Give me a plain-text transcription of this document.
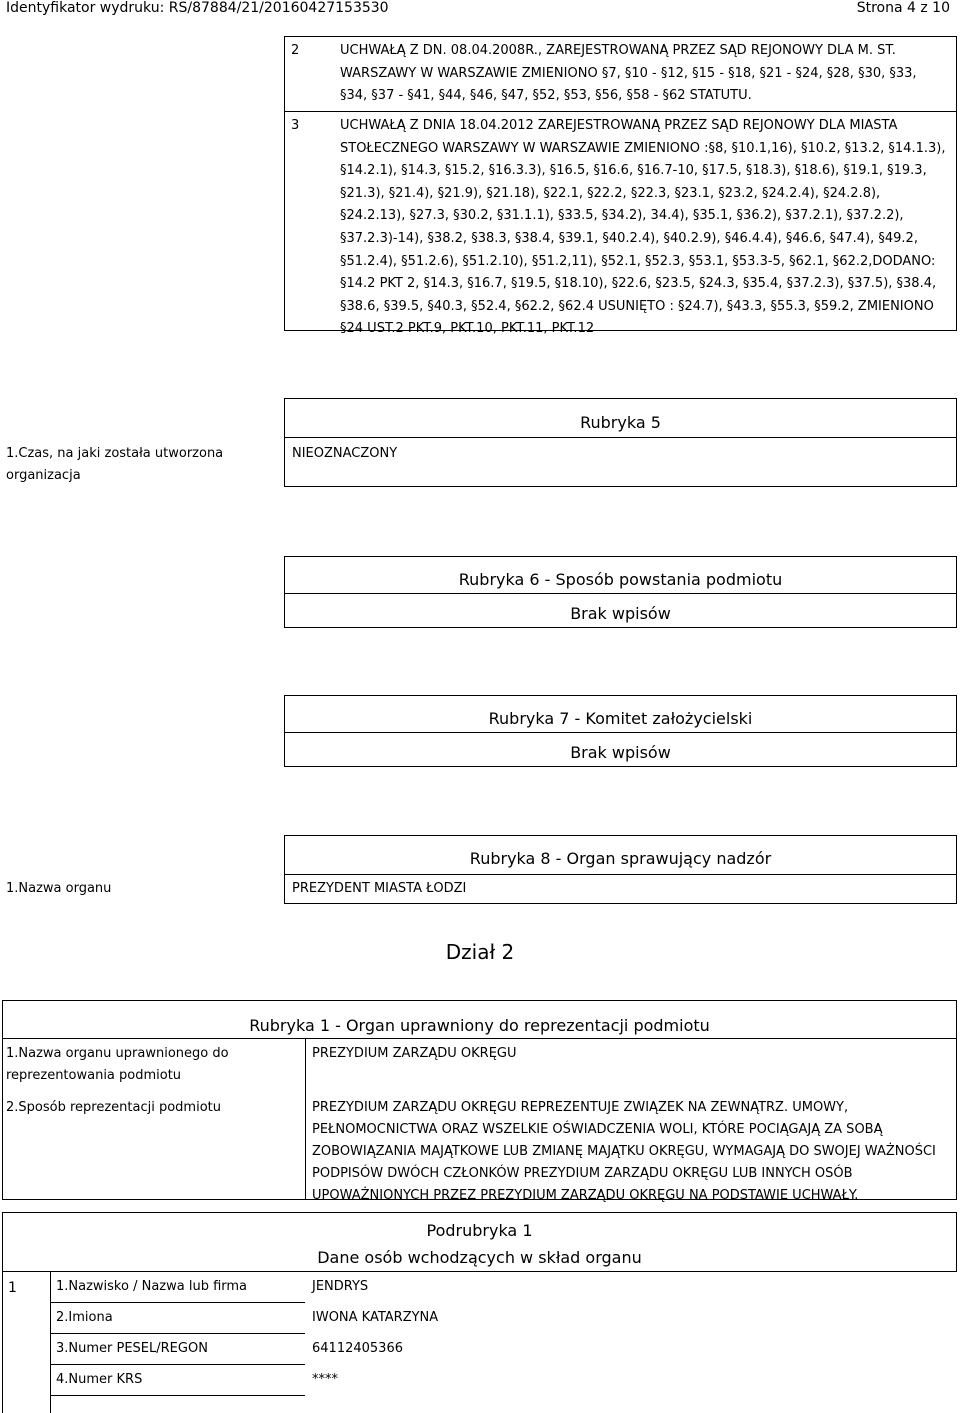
Identyfikator wydruku: RS/87884/21/20160427153530	Strona 4 z 10
2	UCHWAŁĄ Z DN. 08.04.2008R., ZAREJESTROWANĄ PRZEZ SĄD REJONOWY DLA M. ST.
WARSZAWY W WARSZAWIE ZMIENIONO §7, §10 - §12, §15 - §18, §21 - §24, §28, §30, §33,
§34, §37 - §41, §44, §46, §47, §52, §53, §56, §58 - §62 STATUTU.
3	UCHWAŁĄ Z DNIA 18.04.2012 ZAREJESTROWANĄ PRZEZ SĄD REJONOWY DLA MIASTA
STOŁECZNEGO WARSZAWY W WARSZAWIE ZMIENIONO :§8, §10.1,16), §10.2, §13.2, §14.1.3),
§14.2.1), §14.3, §15.2, §16.3.3), §16.5, §16.6, §16.7-10, §17.5, §18.3), §18.6), §19.1, §19.3,
§21.3), §21.4), §21.9), §21.18), §22.1, §22.2, §22.3, §23.1, §23.2, §24.2.4), §24.2.8),
§24.2.13), §27.3, §30.2, §31.1.1), §33.5, §34.2), 34.4), §35.1, §36.2), §37.2.1), §37.2.2),
§37.2.3)-14), §38.2, §38.3, §38.4, §39.1, §40.2.4), §40.2.9), §46.4.4), §46.6, §47.4), §49.2,
§51.2.4), §51.2.6), §51.2.10), §51.2,11), §52.1, §52.3, §53.1, §53.3-5, §62.1, §62.2,DODANO:
§14.2 PKT 2, §14.3, §16.7, §19.5, §18.10), §22.6, §23.5, §24.3, §35.4, §37.2.3), §37.5), §38.4,
§38.6, §39.5, §40.3, §52.4, §62.2, §62.4 USUNIĘTO : §24.7), §43.3, §55.3, §59.2, ZMIENIONO
§24 UST.2 PKT.9, PKT.10, PKT.11, PKT.12
Rubryka 5
1.Czas, na jaki została utworzona
organizacja
NIEOZNACZONY
Rubryka 6 - Sposób powstania podmiotu
Brak wpisów
Rubryka 7 - Komitet założycielski
Brak wpisów
Rubryka 8 - Organ sprawujący nadzór
1.Nazwa organu	PREZYDENT MIASTA ŁODZI
Dział 2
Rubryka 1 - Organ uprawniony do reprezentacji podmiotu
1.Nazwa organu uprawnionego do
reprezentowania podmiotu
PREZYDIUM ZARZĄDU OKRĘGU
2.Sposób reprezentacji podmiotu	PREZYDIUM ZARZĄDU OKRĘGU REPREZENTUJE ZWIĄZEK NA ZEWNĄTRZ. UMOWY,
PEŁNOMOCNICTWA ORAZ WSZELKIE OŚWIADCZENIA WOLI, KTÓRE POCIĄGAJĄ ZA SOBĄ
ZOBOWIĄZANIA MAJĄTKOWE LUB ZMIANĘ MAJĄTKU OKRĘGU, WYMAGAJĄ DO SWOJEJ WAŻNOŚCI
PODPISÓW DWÓCH CZŁONKÓW PREZYDIUM ZARZĄDU OKRĘGU LUB INNYCH OSÓB
UPOWAŻNIONYCH PRZEZ PREZYDIUM ZARZĄDU OKRĘGU NA PODSTAWIE UCHWAŁY.
Podrubryka 1
Dane osób wchodzących w skład organu
1	1.Nazwisko / Nazwa lub firma	JENDRYS
2.Imiona	IWONA KATARZYNA
3.Numer PESEL/REGON	64112405366
4.Numer KRS	****
